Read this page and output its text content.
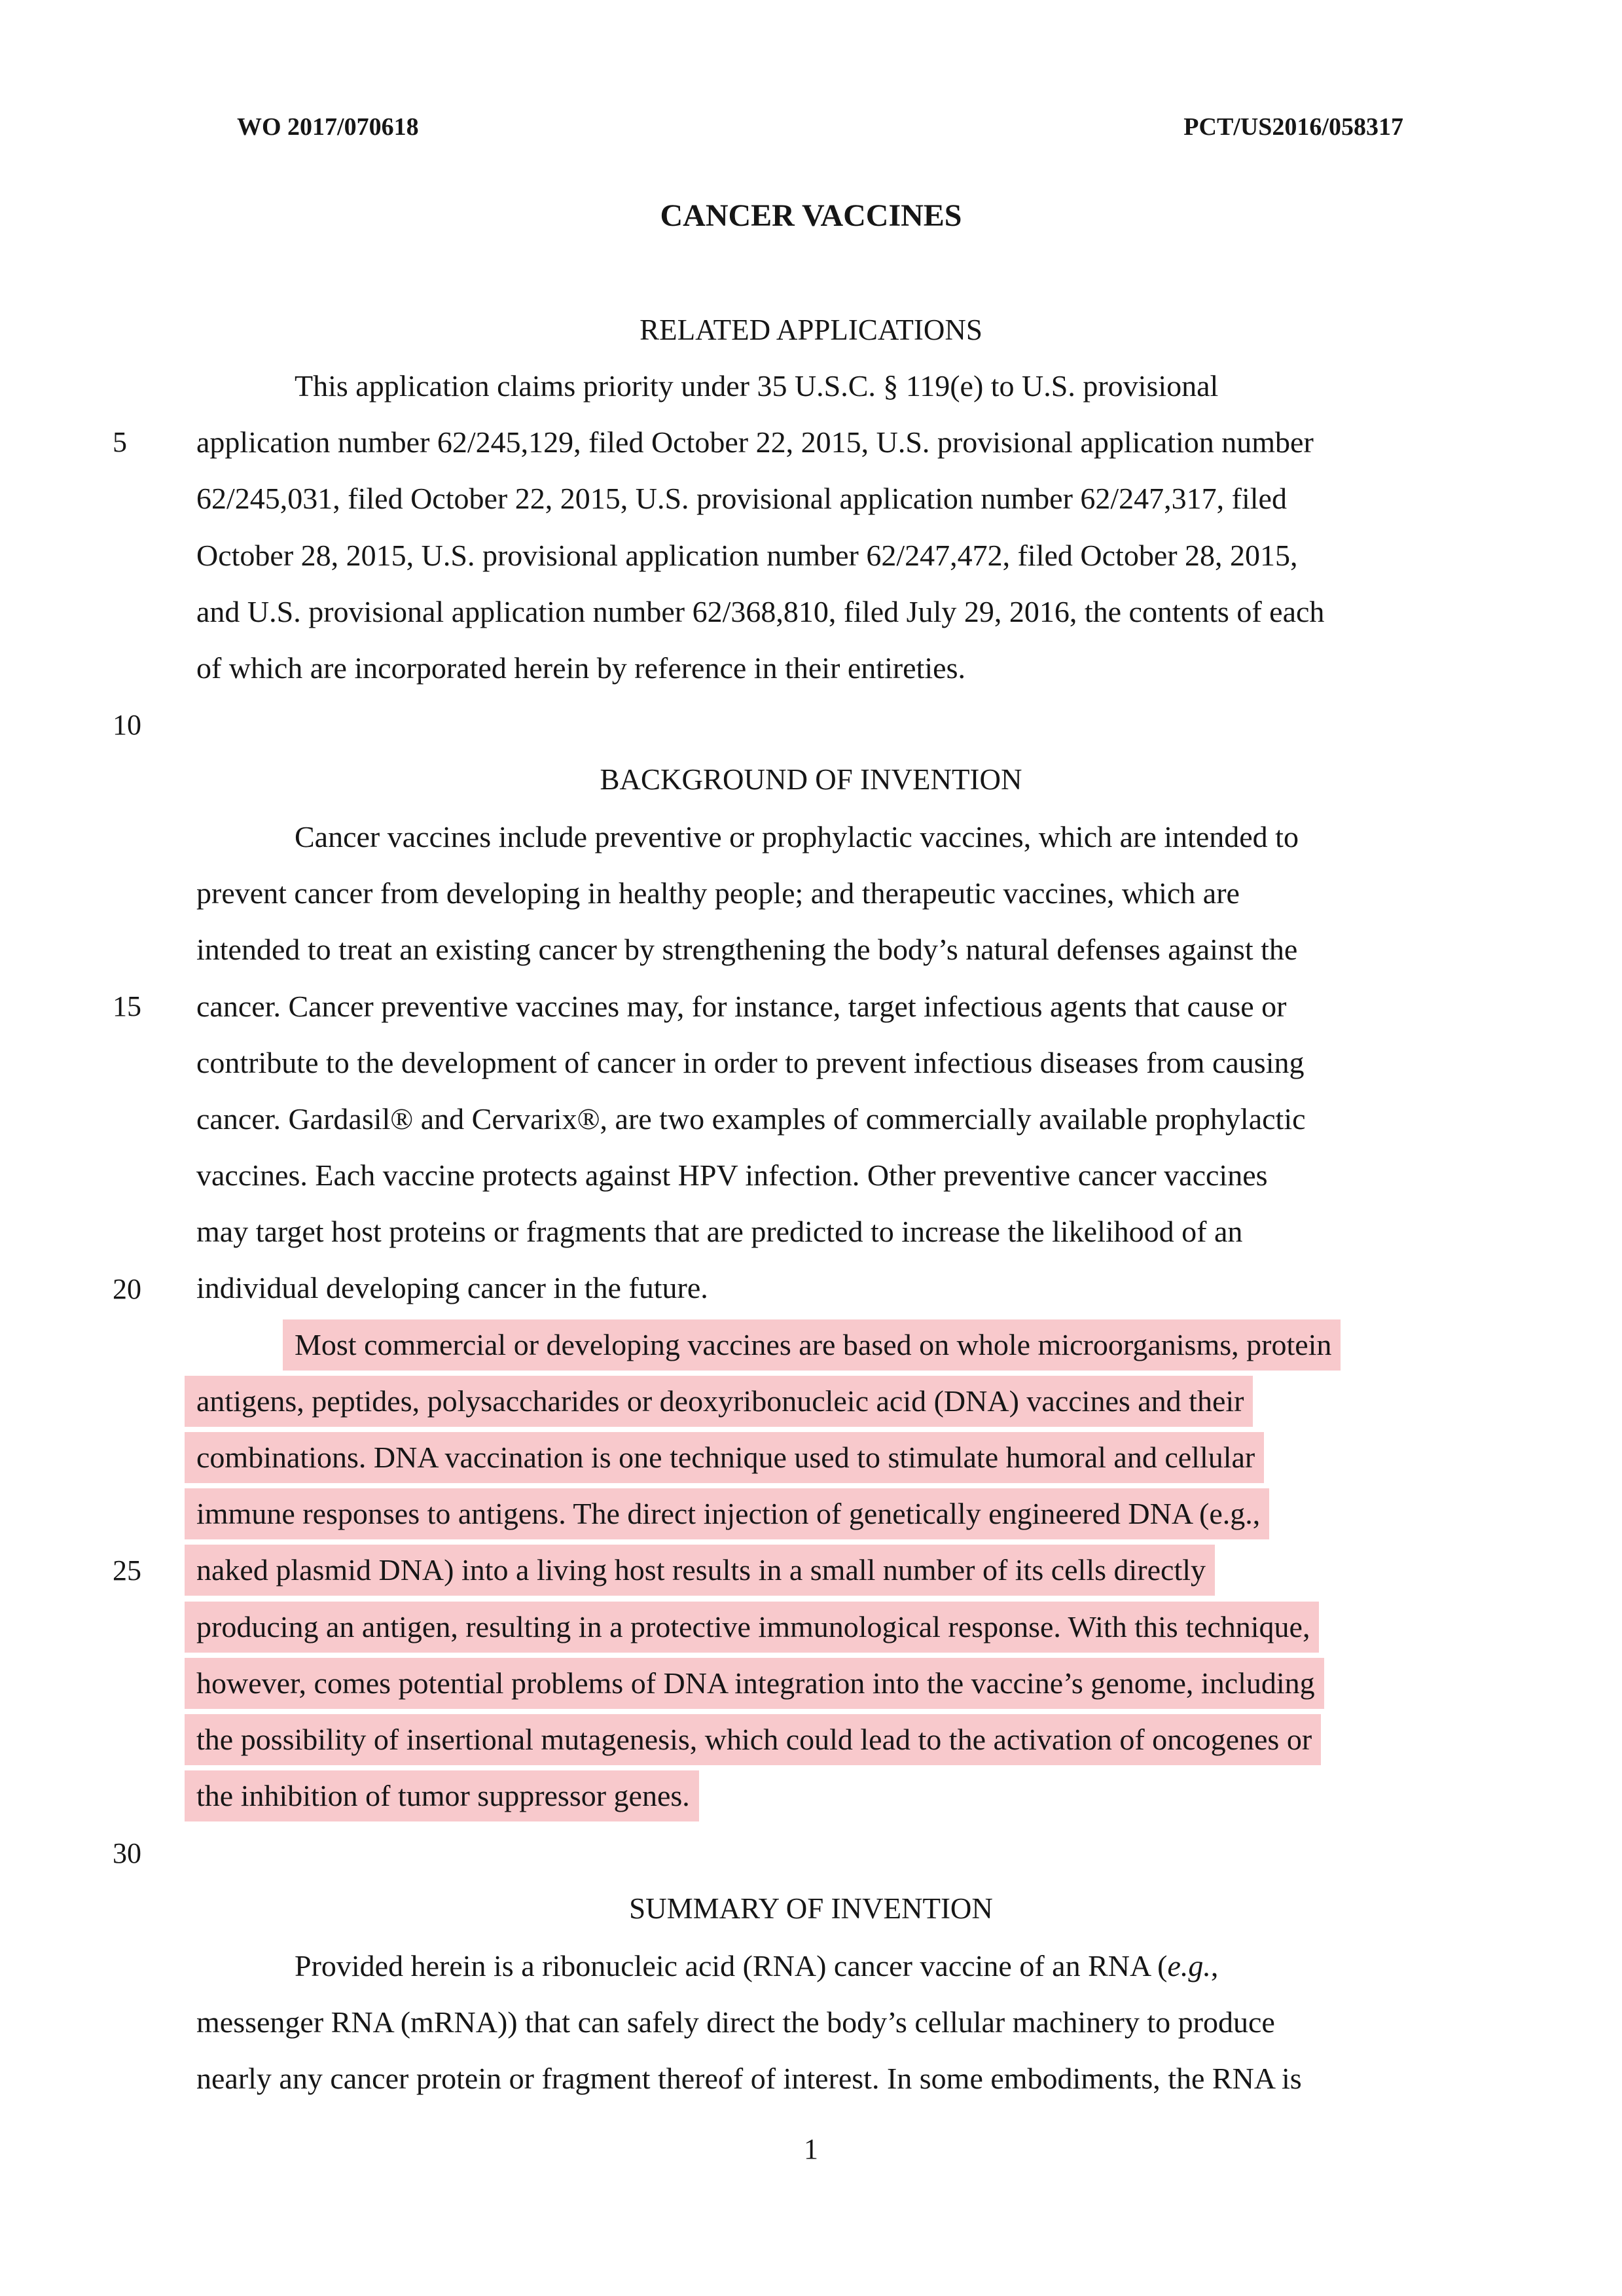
WO 2017/070618	PCT/US2016/058317
CANCER VACCINES
RELATED APPLICATIONS
This application claims priority under 35 U.S.C. § 119(e) to U.S. provisional
application number 62/245,129, filed October 22, 2015, U.S. provisional application number
62/245,031, filed October 22, 2015, U.S. provisional application number 62/247,317, filed
October 28, 2015, U.S. provisional application number 62/247,472, filed October 28, 2015,
and U.S. provisional application number 62/368,810, filed July 29, 2016, the contents of each
of which are incorporated herein by reference in their entireties.
BACKGROUND OF INVENTION
Cancer vaccines include preventive or prophylactic vaccines, which are intended to
prevent cancer from developing in healthy people; and therapeutic vaccines, which are
intended to treat an existing cancer by strengthening the body’s natural defenses against the
cancer. Cancer preventive vaccines may, for instance, target infectious agents that cause or
contribute to the development of cancer in order to prevent infectious diseases from causing
cancer. Gardasil® and Cervarix®, are two examples of commercially available prophylactic
vaccines. Each vaccine protects against HPV infection. Other preventive cancer vaccines
may target host proteins or fragments that are predicted to increase the likelihood of an
individual developing cancer in the future.
Most commercial or developing vaccines are based on whole microorganisms, protein
antigens, peptides, polysaccharides or deoxyribonucleic acid (DNA) vaccines and their
combinations. DNA vaccination is one technique used to stimulate humoral and cellular
immune responses to antigens. The direct injection of genetically engineered DNA (e.g.,
naked plasmid DNA) into a living host results in a small number of its cells directly
producing an antigen, resulting in a protective immunological response. With this technique,
however, comes potential problems of DNA integration into the vaccine’s genome, including
the possibility of insertional mutagenesis, which could lead to the activation of oncogenes or
the inhibition of tumor suppressor genes.
SUMMARY OF INVENTION
Provided herein is a ribonucleic acid (RNA) cancer vaccine of an RNA (e.g.,
messenger RNA (mRNA)) that can safely direct the body’s cellular machinery to produce
nearly any cancer protein or fragment thereof of interest. In some embodiments, the RNA is
5
10
15
20
25
30
1
